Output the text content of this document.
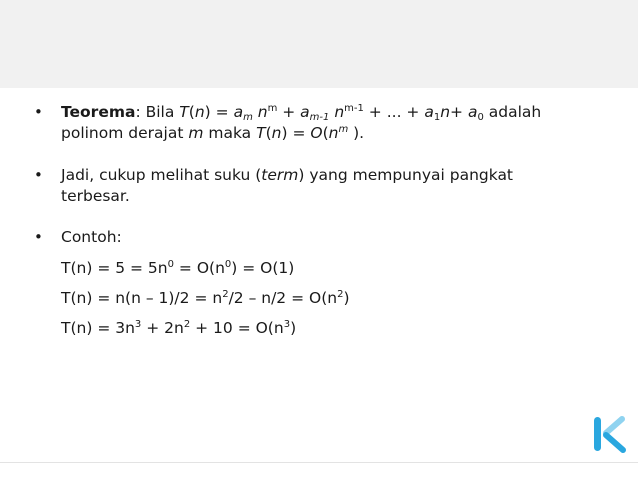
• Teorema: Bila $T(n) = a_m$ $n^m + a_{m-1}$ $n^{m-1}$ + ... + $a_1n+ a_0$ adalah
polinom derajat m maka $T(n) = O(n^m$ ).
• Jadi, cukup melihat suku (term) yang mempunyai pangkat
terbesar.
• Contoh:
$T(n) = 5 = 5n^0 = O(n^0) = O(1)$
$T(n) = n(n - 1)/2 = n^2/2 - n/2 = O(n^2)$
$T(n) = 3n^3 + 2n^2 + 10 = O(n^3)$
